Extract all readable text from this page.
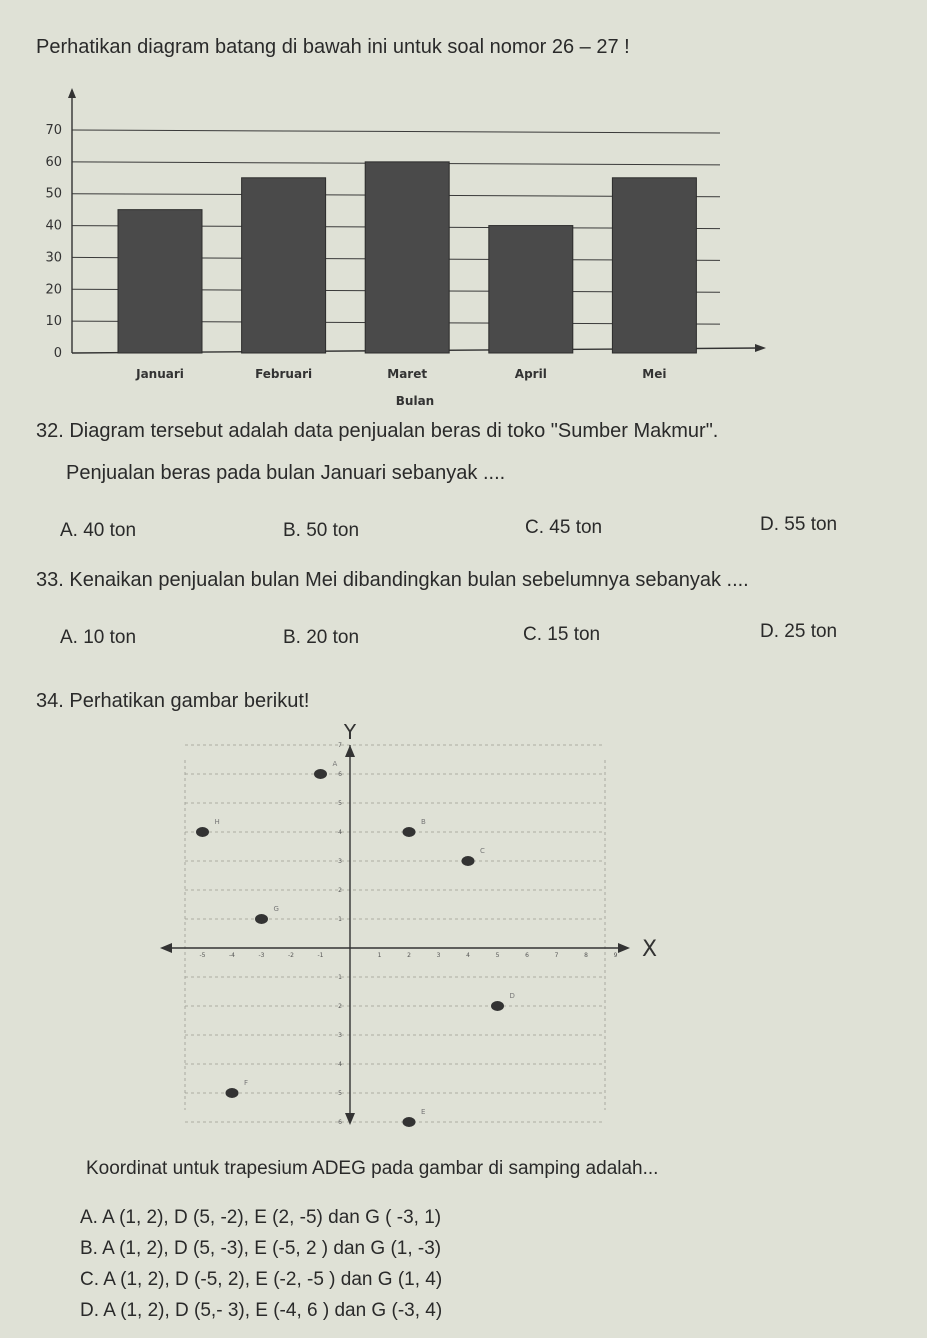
Perhatikan diagram batang di bawah ini untuk soal nomor 26 – 27 !
0
10
20
30
40
50
60
70
Januari	Februari	Maret	April	Mei
Bulan
32. Diagram tersebut adalah data penjualan beras di toko "Sumber Makmur".
Penjualan beras pada bulan Januari sebanyak ....
A. 40 ton	B. 50 ton	C. 45 ton	D. 55 ton
33. Kenaikan penjualan bulan Mei dibandingkan bulan sebelumnya sebanyak ....
A. 10 ton	B. 20 ton	C. 15 ton	D. 25 ton
34. Perhatikan gambar berikut!
-5	-4	-3	-2	-1	1	2	3	4	5	6	7	8	9
6
5
4
3
2
1
1
2
3
4
5
6
7
X
Y
A
H
G
B
C
D
F
E
Koordinat untuk trapesium ADEG pada gambar di samping adalah...
A. A (1, 2), D (5, -2), E (2, -5) dan G ( -3, 1)
B. A (1, 2), D (5, -3), E (-5, 2 ) dan G (1, -3)
C. A (1, 2), D (-5, 2), E (-2, -5 ) dan G (1, 4)
D. A (1, 2), D (5,- 3), E (-4, 6 ) dan G (-3, 4)
